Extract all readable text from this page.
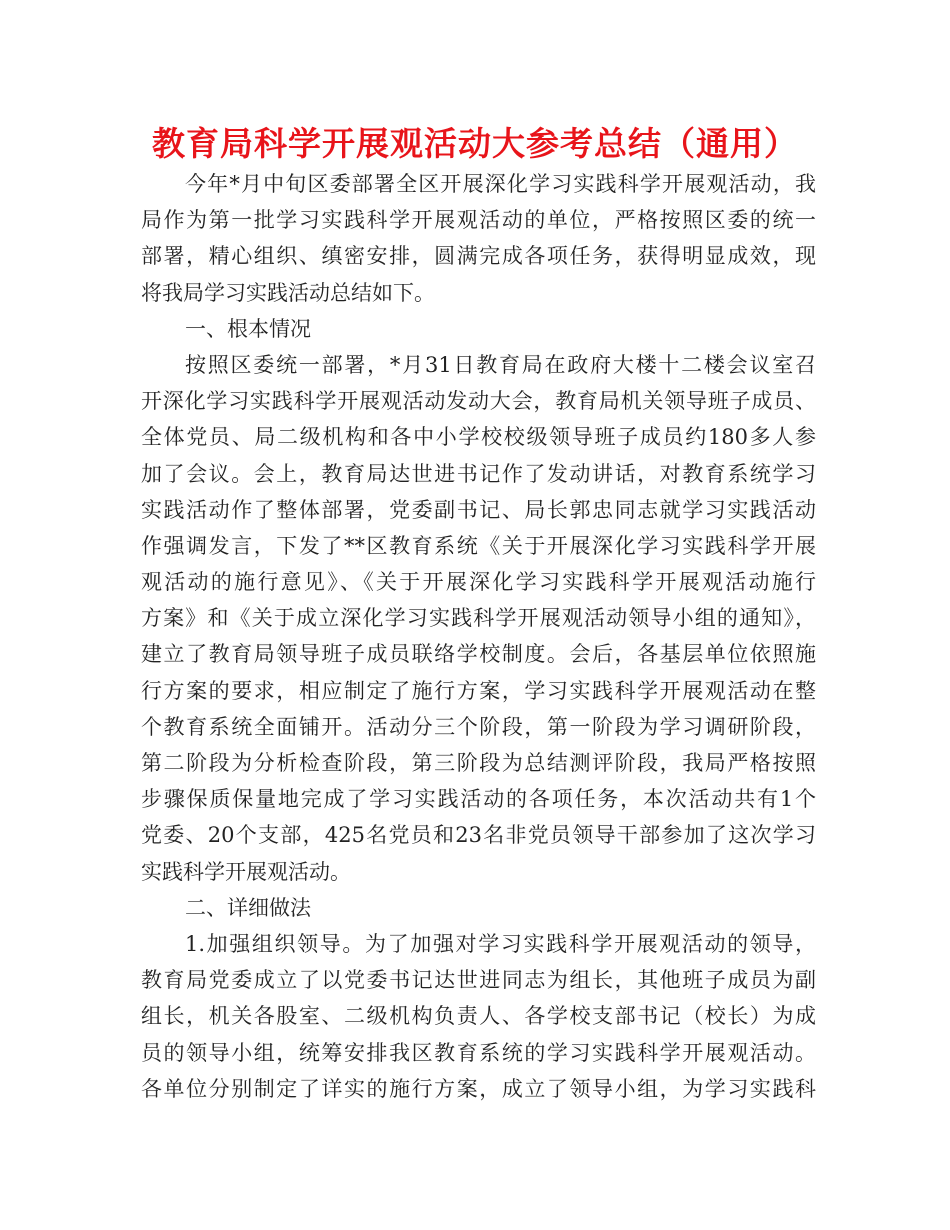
教育局科学开展观活动大参考总结（通用）
今年*月中旬区委部署全区开展深化学习实践科学开展观活动，我
局作为第一批学习实践科学开展观活动的单位，严格按照区委的统一
部署，精心组织、缜密安排，圆满完成各项任务，获得明显成效，现
将我局学习实践活动总结如下。
一、根本情况
按照区委统一部署，*月31日教育局在政府大楼十二楼会议室召
开深化学习实践科学开展观活动发动大会，教育局机关领导班子成员、
全体党员、局二级机构和各中小学校校级领导班子成员约180多人参
加了会议。会上，教育局达世进书记作了发动讲话，对教育系统学习
实践活动作了整体部署，党委副书记、局长郭忠同志就学习实践活动
作强调发言，下发了**区教育系统《关于开展深化学习实践科学开展
观活动的施行意见》、《关于开展深化学习实践科学开展观活动施行
方案》和《关于成立深化学习实践科学开展观活动领导小组的通知》，
建立了教育局领导班子成员联络学校制度。会后，各基层单位依照施
行方案的要求，相应制定了施行方案，学习实践科学开展观活动在整
个教育系统全面铺开。活动分三个阶段，第一阶段为学习调研阶段，
第二阶段为分析检查阶段，第三阶段为总结测评阶段，我局严格按照
步骤保质保量地完成了学习实践活动的各项任务，本次活动共有1个
党委、20个支部，425名党员和23名非党员领导干部参加了这次学习
实践科学开展观活动。
二、详细做法
1.加强组织领导。为了加强对学习实践科学开展观活动的领导，
教育局党委成立了以党委书记达世进同志为组长，其他班子成员为副
组长，机关各股室、二级机构负责人、各学校支部书记（校长）为成
员的领导小组，统筹安排我区教育系统的学习实践科学开展观活动。
各单位分别制定了详实的施行方案，成立了领导小组，为学习实践科
